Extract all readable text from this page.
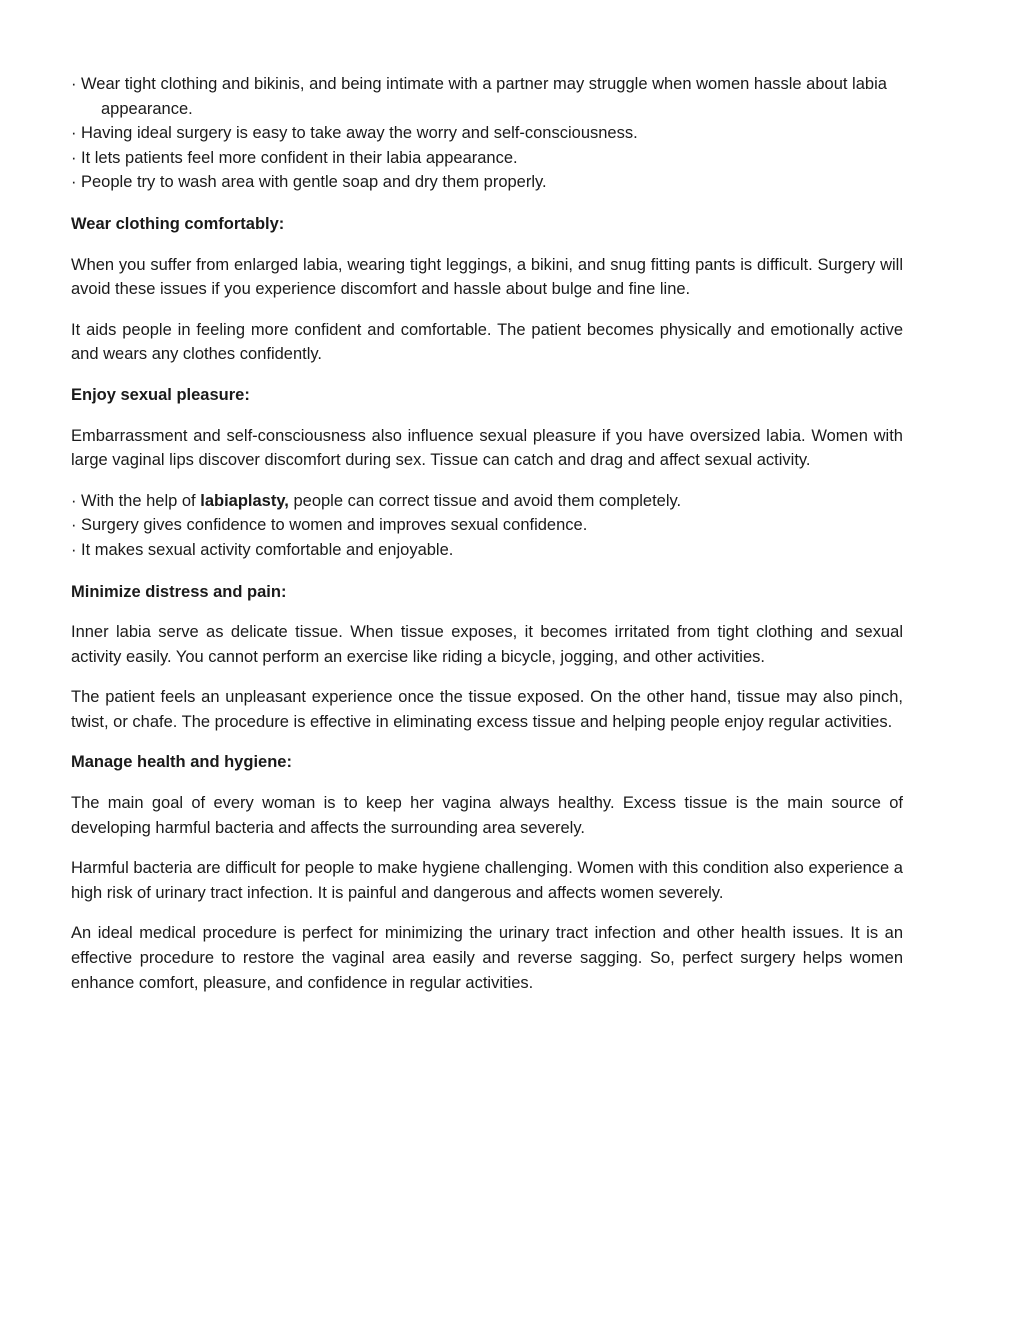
· Wear tight clothing and bikinis, and being intimate with a partner may struggle when women hassle about labia appearance.
· Having ideal surgery is easy to take away the worry and self-consciousness.
· It lets patients feel more confident in their labia appearance.
· People try to wash area with gentle soap and dry them properly.
Wear clothing comfortably:
When you suffer from enlarged labia, wearing tight leggings, a bikini, and snug fitting pants is difficult. Surgery will avoid these issues if you experience discomfort and hassle about bulge and fine line.
It aids people in feeling more confident and comfortable. The patient becomes physically and emotionally active and wears any clothes confidently.
Enjoy sexual pleasure:
Embarrassment and self-consciousness also influence sexual pleasure if you have oversized labia. Women with large vaginal lips discover discomfort during sex. Tissue can catch and drag and affect sexual activity.
· With the help of labiaplasty, people can correct tissue and avoid them completely.
· Surgery gives confidence to women and improves sexual confidence.
· It makes sexual activity comfortable and enjoyable.
Minimize distress and pain:
Inner labia serve as delicate tissue. When tissue exposes, it becomes irritated from tight clothing and sexual activity easily. You cannot perform an exercise like riding a bicycle, jogging, and other activities.
The patient feels an unpleasant experience once the tissue exposed. On the other hand, tissue may also pinch, twist, or chafe. The procedure is effective in eliminating excess tissue and helping people enjoy regular activities.
Manage health and hygiene:
The main goal of every woman is to keep her vagina always healthy. Excess tissue is the main source of developing harmful bacteria and affects the surrounding area severely.
Harmful bacteria are difficult for people to make hygiene challenging. Women with this condition also experience a high risk of urinary tract infection. It is painful and dangerous and affects women severely.
An ideal medical procedure is perfect for minimizing the urinary tract infection and other health issues. It is an effective procedure to restore the vaginal area easily and reverse sagging. So, perfect surgery helps women enhance comfort, pleasure, and confidence in regular activities.
